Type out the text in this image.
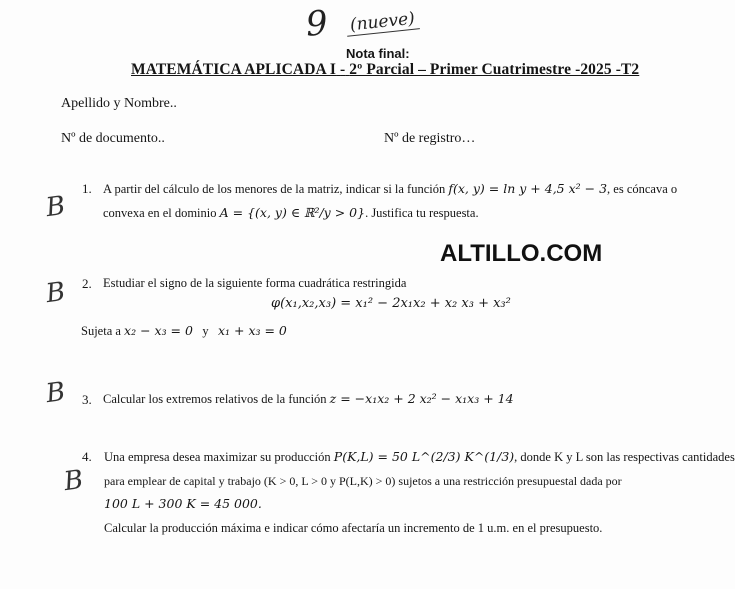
9 (nueve)
Nota final:
MATEMÁTICA APLICADA I - 2º Parcial – Primer Cuatrimestre -2025 -T2
Apellido y Nombre..
Nº de documento..	Nº de registro…
ALTILLO.COM
B
1. A partir del cálculo de los menores de la matriz, indicar si la función f(x, y) = ln y + 4,5 x² − 3, es cóncava o
convexa en el dominio A = {(x, y) ∈ ℝ²/y > 0}. Justifica tu respuesta.
B 2. Estudiar el signo de la siguiente forma cuadrática restringida
φ(x₁,x₂,x₃) = x₁² − 2x₁x₂ + x₂ x₃ + x₃²
Sujeta a x₂ − x₃ = 0 y x₁ + x₃ = 0
B 3. Calcular los extremos relativos de la función z = −x₁x₂ + 2 x₂² − x₁x₃ + 14
B
4. Una empresa desea maximizar su producción P(K,L) = 50 L^(2/3) K^(1/3), donde K y L son las respectivas cantidades
para emplear de capital y trabajo (K > 0, L > 0 y P(L,K) > 0) sujetos a una restricción presupuestal dada por
100 L + 300 K = 45 000.
Calcular la producción máxima e indicar cómo afectaría un incremento de 1 u.m. en el presupuesto.
